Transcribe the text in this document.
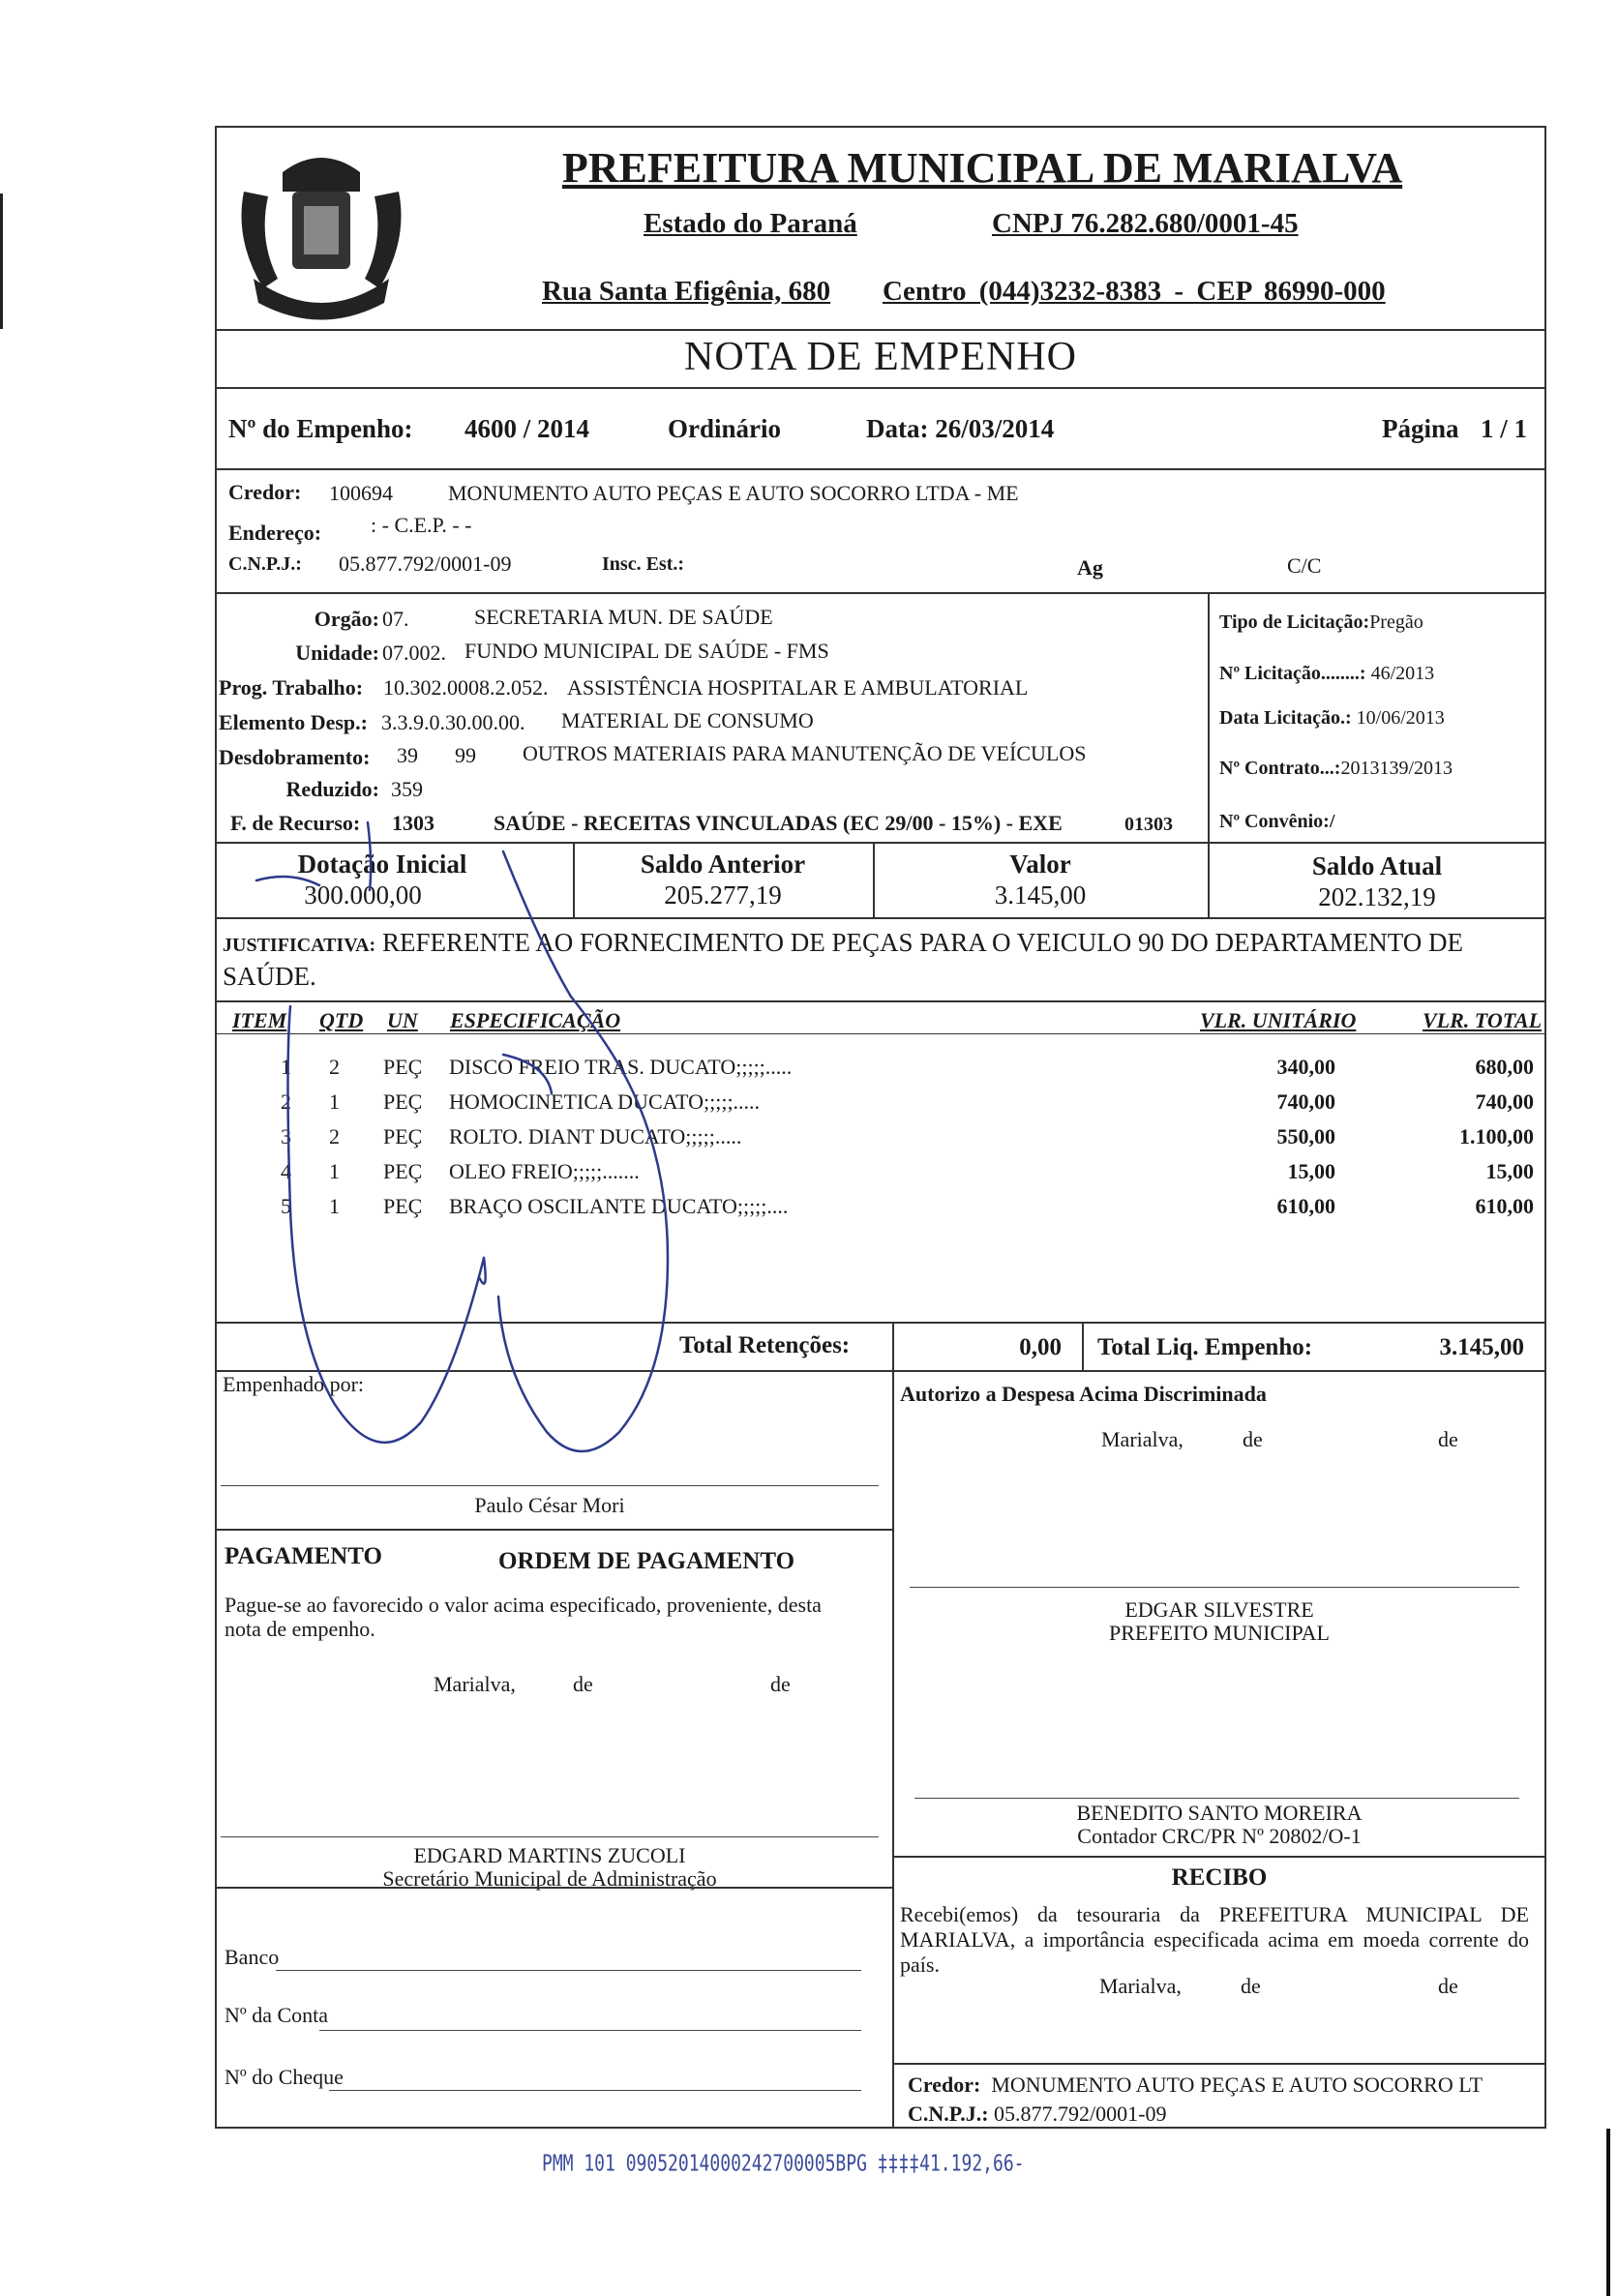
PREFEITURA MUNICIPAL DE MARIALVA
Estado do Paraná	CNPJ 76.282.680/0001-45
Rua Santa Efigênia, 680 Centro (044)3232-8383 - CEP 86990-000
NOTA DE EMPENHO
Nº do Empenho: 4600 / 2014	Ordinário	Data: 26/03/2014	Página 1 / 1
Credor: 100694	MONUMENTO AUTO PEÇAS E AUTO SOCORRO LTDA - ME
Endereço: : - C.E.P. - -
C.N.P.J.: 05.877.792/0001-09	Insc. Est.:	Ag	C/C
Orgão: 07.	SECRETARIA MUN. DE SAÚDE
Unidade: 07.002. FUNDO MUNICIPAL DE SAÚDE - FMS
Prog. Trabalho: 10.302.0008.2.052. ASSISTÊNCIA HOSPITALAR E AMBULATORIAL
Elemento Desp.: 3.3.9.0.30.00.00. MATERIAL DE CONSUMO
Desdobramento: 39 99 OUTROS MATERIAIS PARA MANUTENÇÃO DE VEÍCULOS
Reduzido: 359
F. de Recurso: 1303	SAÚDE - RECEITAS VINCULADAS (EC 29/00 - 15%) - EXE	01303
Tipo de Licitação:Pregão
Nº Licitação........: 46/2013
Data Licitação.: 10/06/2013
Nº Contrato...:2013139/2013
Nº Convênio:/
Dotação Inicial
300.000,00
Saldo Anterior
205.277,19
Valor
3.145,00
Saldo Atual
202.132,19
JUSTIFICATIVA: REFERENTE AO FORNECIMENTO DE PEÇAS PARA O VEICULO 90 DO DEPARTAMENTO DE SAÚDE.
ITEM QTD UN ESPECIFICAÇÃO	VLR. UNITÁRIO	VLR. TOTAL
1 2 PEÇ DISCO FREIO TRAS. DUCATO;;;;;.....	340,00	680,00
2 1 PEÇ HOMOCINETICA DUCATO;;;;;.....	740,00	740,00
3 2 PEÇ ROLTO. DIANT DUCATO;;;;;.....	550,00	1.100,00
4 1 PEÇ OLEO FREIO;;;;;.......	15,00	15,00
5 1 PEÇ BRAÇO OSCILANTE DUCATO;;;;;....	610,00	610,00
Total Retenções:	0,00 Total Liq. Empenho:	3.145,00
Empenhado por:
Paulo César Mori
Autorizo a Despesa Acima Discriminada
Marialva,	de	de
PAGAMENTO	ORDEM DE PAGAMENTO
Pague-se ao favorecido o valor acima especificado, proveniente, desta nota de empenho.
Marialva,	de	de
EDGAR SILVESTRE
PREFEITO MUNICIPAL
BENEDITO SANTO MOREIRA
Contador CRC/PR Nº 20802/O-1
EDGARD MARTINS ZUCOLI
Secretário Municipal de Administração	RECIBO
Recebi(emos) da tesouraria da PREFEITURA MUNICIPAL DE MARIALVA, a importância especificada acima em moeda corrente do país.
Marialva,	de	de
Banco
Nº da Conta
Nº do Cheque	Credor: MONUMENTO AUTO PEÇAS E AUTO SOCORRO LT
C.N.P.J.: 05.877.792/0001-09
PMM 101 09052014000242700005BPG ‡‡‡‡41.192,66-
